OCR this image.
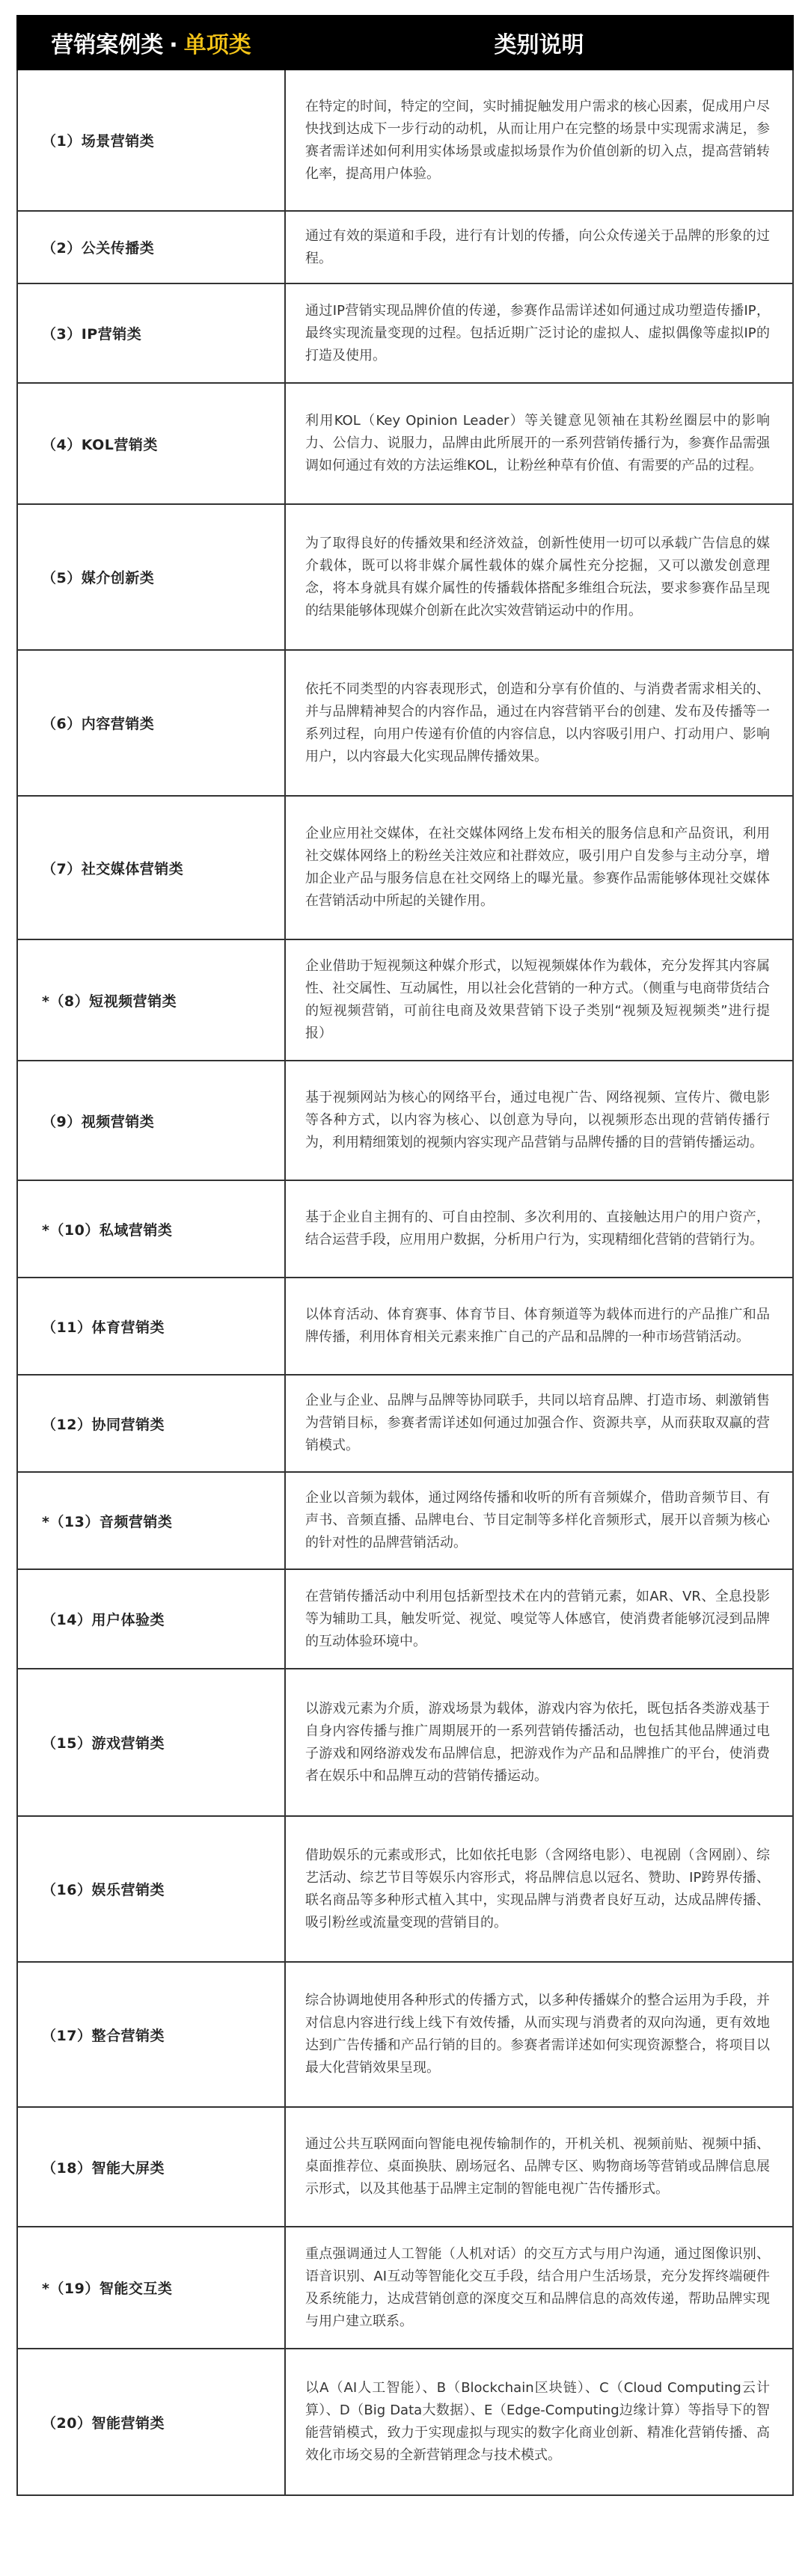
营销案例类 · 单项类	类别说明
（1）场景营销类	在特定的时间，特定的空间，实时捕捉触发用户需求的核心因素，促成用户尽快找到达成下一步行动的动机，从而让用户在完整的场景中实现需求满足，参赛者需详述如何利用实体场景或虚拟场景作为价值创新的切入点，提高营销转化率，提高用户体验。
（2）公关传播类	通过有效的渠道和手段，进行有计划的传播，向公众传递关于品牌的形象的过程。
（3）IP营销类	通过IP营销实现品牌价值的传递，参赛作品需详述如何通过成功塑造传播IP，最终实现流量变现的过程。包括近期广泛讨论的虚拟人、虚拟偶像等虚拟IP的打造及使用。
（4）KOL营销类	利用KOL（Key Opinion Leader）等关键意见领袖在其粉丝圈层中的影响力、公信力、说服力，品牌由此所展开的一系列营销传播行为，参赛作品需强调如何通过有效的方法运维KOL，让粉丝种草有价值、有需要的产品的过程。
（5）媒介创新类	为了取得良好的传播效果和经济效益，创新性使用一切可以承载广告信息的媒介载体，既可以将非媒介属性载体的媒介属性充分挖掘，又可以激发创意理念，将本身就具有媒介属性的传播载体搭配多维组合玩法，要求参赛作品呈现的结果能够体现媒介创新在此次实效营销运动中的作用。
（6）内容营销类	依托不同类型的内容表现形式，创造和分享有价值的、与消费者需求相关的、并与品牌精神契合的内容作品，通过在内容营销平台的创建、发布及传播等一系列过程，向用户传递有价值的内容信息，以内容吸引用户、打动用户、影响用户，以内容最大化实现品牌传播效果。
（7）社交媒体营销类	企业应用社交媒体，在社交媒体网络上发布相关的服务信息和产品资讯，利用社交媒体网络上的粉丝关注效应和社群效应，吸引用户自发参与主动分享，增加企业产品与服务信息在社交网络上的曝光量。参赛作品需能够体现社交媒体在营销活动中所起的关键作用。
*（8）短视频营销类	企业借助于短视频这种媒介形式，以短视频媒体作为载体，充分发挥其内容属性、社交属性、互动属性，用以社会化营销的一种方式。（侧重与电商带货结合的短视频营销，可前往电商及效果营销下设子类别“视频及短视频类”进行提报）
（9）视频营销类	基于视频网站为核心的网络平台，通过电视广告、网络视频、宣传片、微电影等各种方式，以内容为核心、以创意为导向，以视频形态出现的营销传播行为，利用精细策划的视频内容实现产品营销与品牌传播的目的营销传播运动。
*（10）私域营销类	基于企业自主拥有的、可自由控制、多次利用的、直接触达用户的用户资产，结合运营手段，应用用户数据，分析用户行为，实现精细化营销的营销行为。
（11）体育营销类	以体育活动、体育赛事、体育节目、体育频道等为载体而进行的产品推广和品牌传播，利用体育相关元素来推广自己的产品和品牌的一种市场营销活动。
（12）协同营销类	企业与企业、品牌与品牌等协同联手，共同以培育品牌、打造市场、刺激销售为营销目标，参赛者需详述如何通过加强合作、资源共享，从而获取双赢的营销模式。
*（13）音频营销类	企业以音频为载体，通过网络传播和收听的所有音频媒介，借助音频节目、有声书、音频直播、品牌电台、节目定制等多样化音频形式，展开以音频为核心的针对性的品牌营销活动。
（14）用户体验类	在营销传播活动中利用包括新型技术在内的营销元素，如AR、VR、全息投影等为辅助工具，触发听觉、视觉、嗅觉等人体感官，使消费者能够沉浸到品牌的互动体验环境中。
（15）游戏营销类	以游戏元素为介质，游戏场景为载体，游戏内容为依托，既包括各类游戏基于自身内容传播与推广周期展开的一系列营销传播活动，也包括其他品牌通过电子游戏和网络游戏发布品牌信息，把游戏作为产品和品牌推广的平台，使消费者在娱乐中和品牌互动的营销传播运动。
（16）娱乐营销类	借助娱乐的元素或形式，比如依托电影（含网络电影）、电视剧（含网剧）、综艺活动、综艺节目等娱乐内容形式，将品牌信息以冠名、赞助、IP跨界传播、联名商品等多种形式植入其中，实现品牌与消费者良好互动，达成品牌传播、吸引粉丝或流量变现的营销目的。
（17）整合营销类	综合协调地使用各种形式的传播方式，以多种传播媒介的整合运用为手段，并对信息内容进行线上线下有效传播，从而实现与消费者的双向沟通，更有效地达到广告传播和产品行销的目的。参赛者需详述如何实现资源整合，将项目以最大化营销效果呈现。
（18）智能大屏类	通过公共互联网面向智能电视传输制作的，开机关机、视频前贴、视频中插、桌面推荐位、桌面换肤、剧场冠名、品牌专区、购物商场等营销或品牌信息展示形式，以及其他基于品牌主定制的智能电视广告传播形式。
*（19）智能交互类	重点强调通过人工智能（人机对话）的交互方式与用户沟通，通过图像识别、语音识别、AI互动等智能化交互手段，结合用户生活场景，充分发挥终端硬件及系统能力，达成营销创意的深度交互和品牌信息的高效传递，帮助品牌实现与用户建立联系。
（20）智能营销类	以A（AI人工智能）、B（Blockchain区块链）、C（Cloud Computing云计算）、D（Big Data大数据）、E（Edge-Computing边缘计算）等指导下的智能营销模式，致力于实现虚拟与现实的数字化商业创新、精准化营销传播、高效化市场交易的全新营销理念与技术模式。
